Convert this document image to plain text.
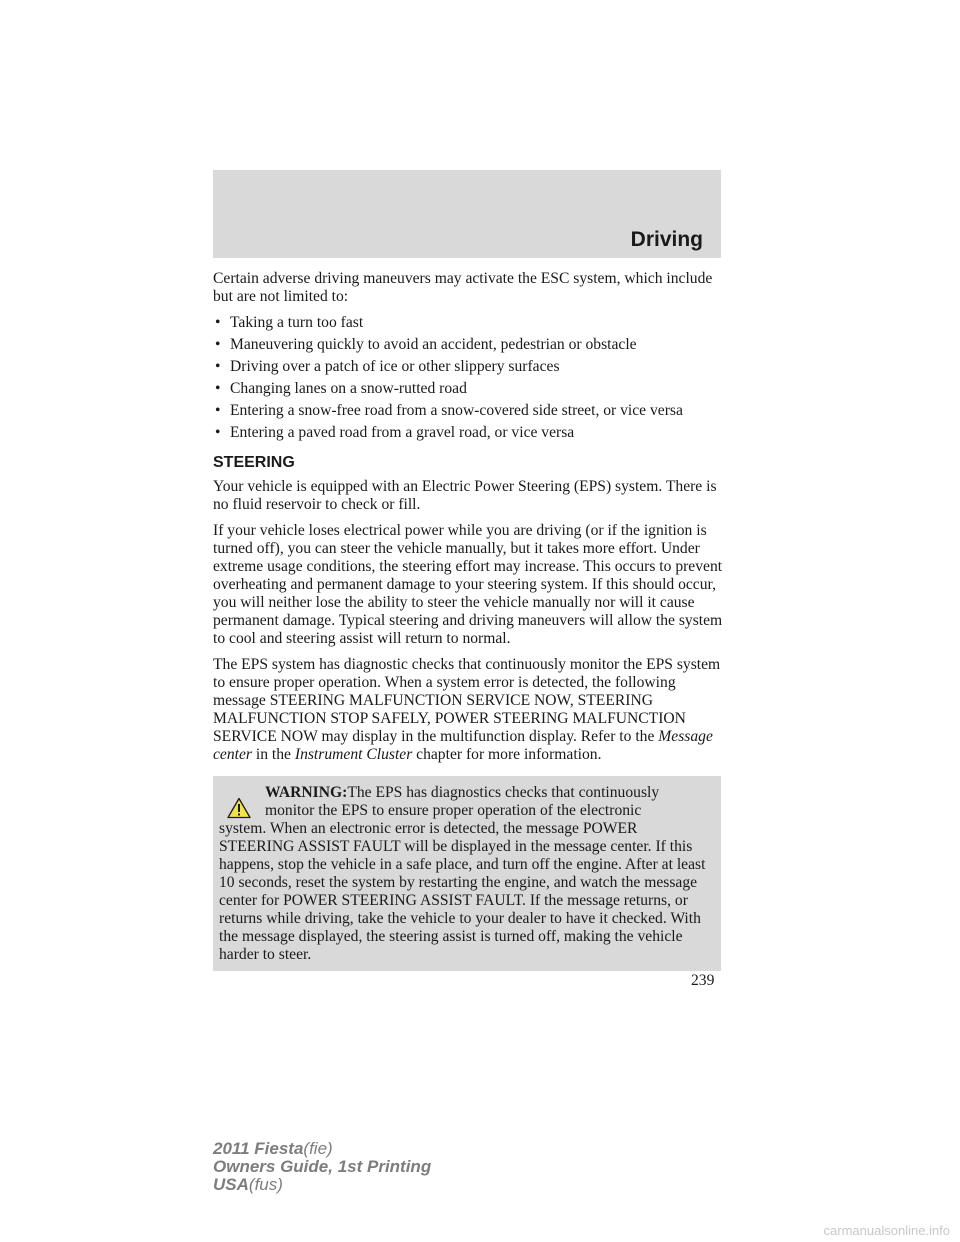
Driving

Certain adverse driving maneuvers may activate the ESC system, which include but are not limited to:

• Taking a turn too fast
• Maneuvering quickly to avoid an accident, pedestrian or obstacle
• Driving over a patch of ice or other slippery surfaces
• Changing lanes on a snow-rutted road
• Entering a snow-free road from a snow-covered side street, or vice versa
• Entering a paved road from a gravel road, or vice versa
STEERING

Your vehicle is equipped with an Electric Power Steering (EPS) system. There is no fluid reservoir to check or fill.

If your vehicle loses electrical power while you are driving (or if the ignition is turned off), you can steer the vehicle manually, but it takes more effort. Under extreme usage conditions, the steering effort may increase. This occurs to prevent overheating and permanent damage to your steering system. If this should occur, you will neither lose the ability to steer the vehicle manually nor will it cause permanent damage. Typical steering and driving maneuvers will allow the system to cool and steering assist will return to normal.

The EPS system has diagnostic checks that continuously monitor the EPS system to ensure proper operation. When a system error is detected, the following message STEERING MALFUNCTION SERVICE NOW, STEERING MALFUNCTION STOP SAFELY, POWER STEERING MALFUNCTION SERVICE NOW may display in the multifunction display. Refer to the Message center in the Instrument Cluster chapter for more information.

WARNING:The EPS has diagnostics checks that continuously
monitor the EPS to ensure proper operation of the electronic
system. When an electronic error is detected, the message POWER STEERING ASSIST FAULT will be displayed in the message center. If this happens, stop the vehicle in a safe place, and turn off the engine. After at least 10 seconds, reset the system by restarting the engine, and watch the message center for POWER STEERING ASSIST FAULT. If the message returns, or returns while driving, take the vehicle to your dealer to have it checked. With the message displayed, the steering assist is turned off, making the vehicle harder to steer.
239
2011 Fiesta(fie)
Owners Guide, 1st Printing
USA(fus)
carmanualsonline.info
